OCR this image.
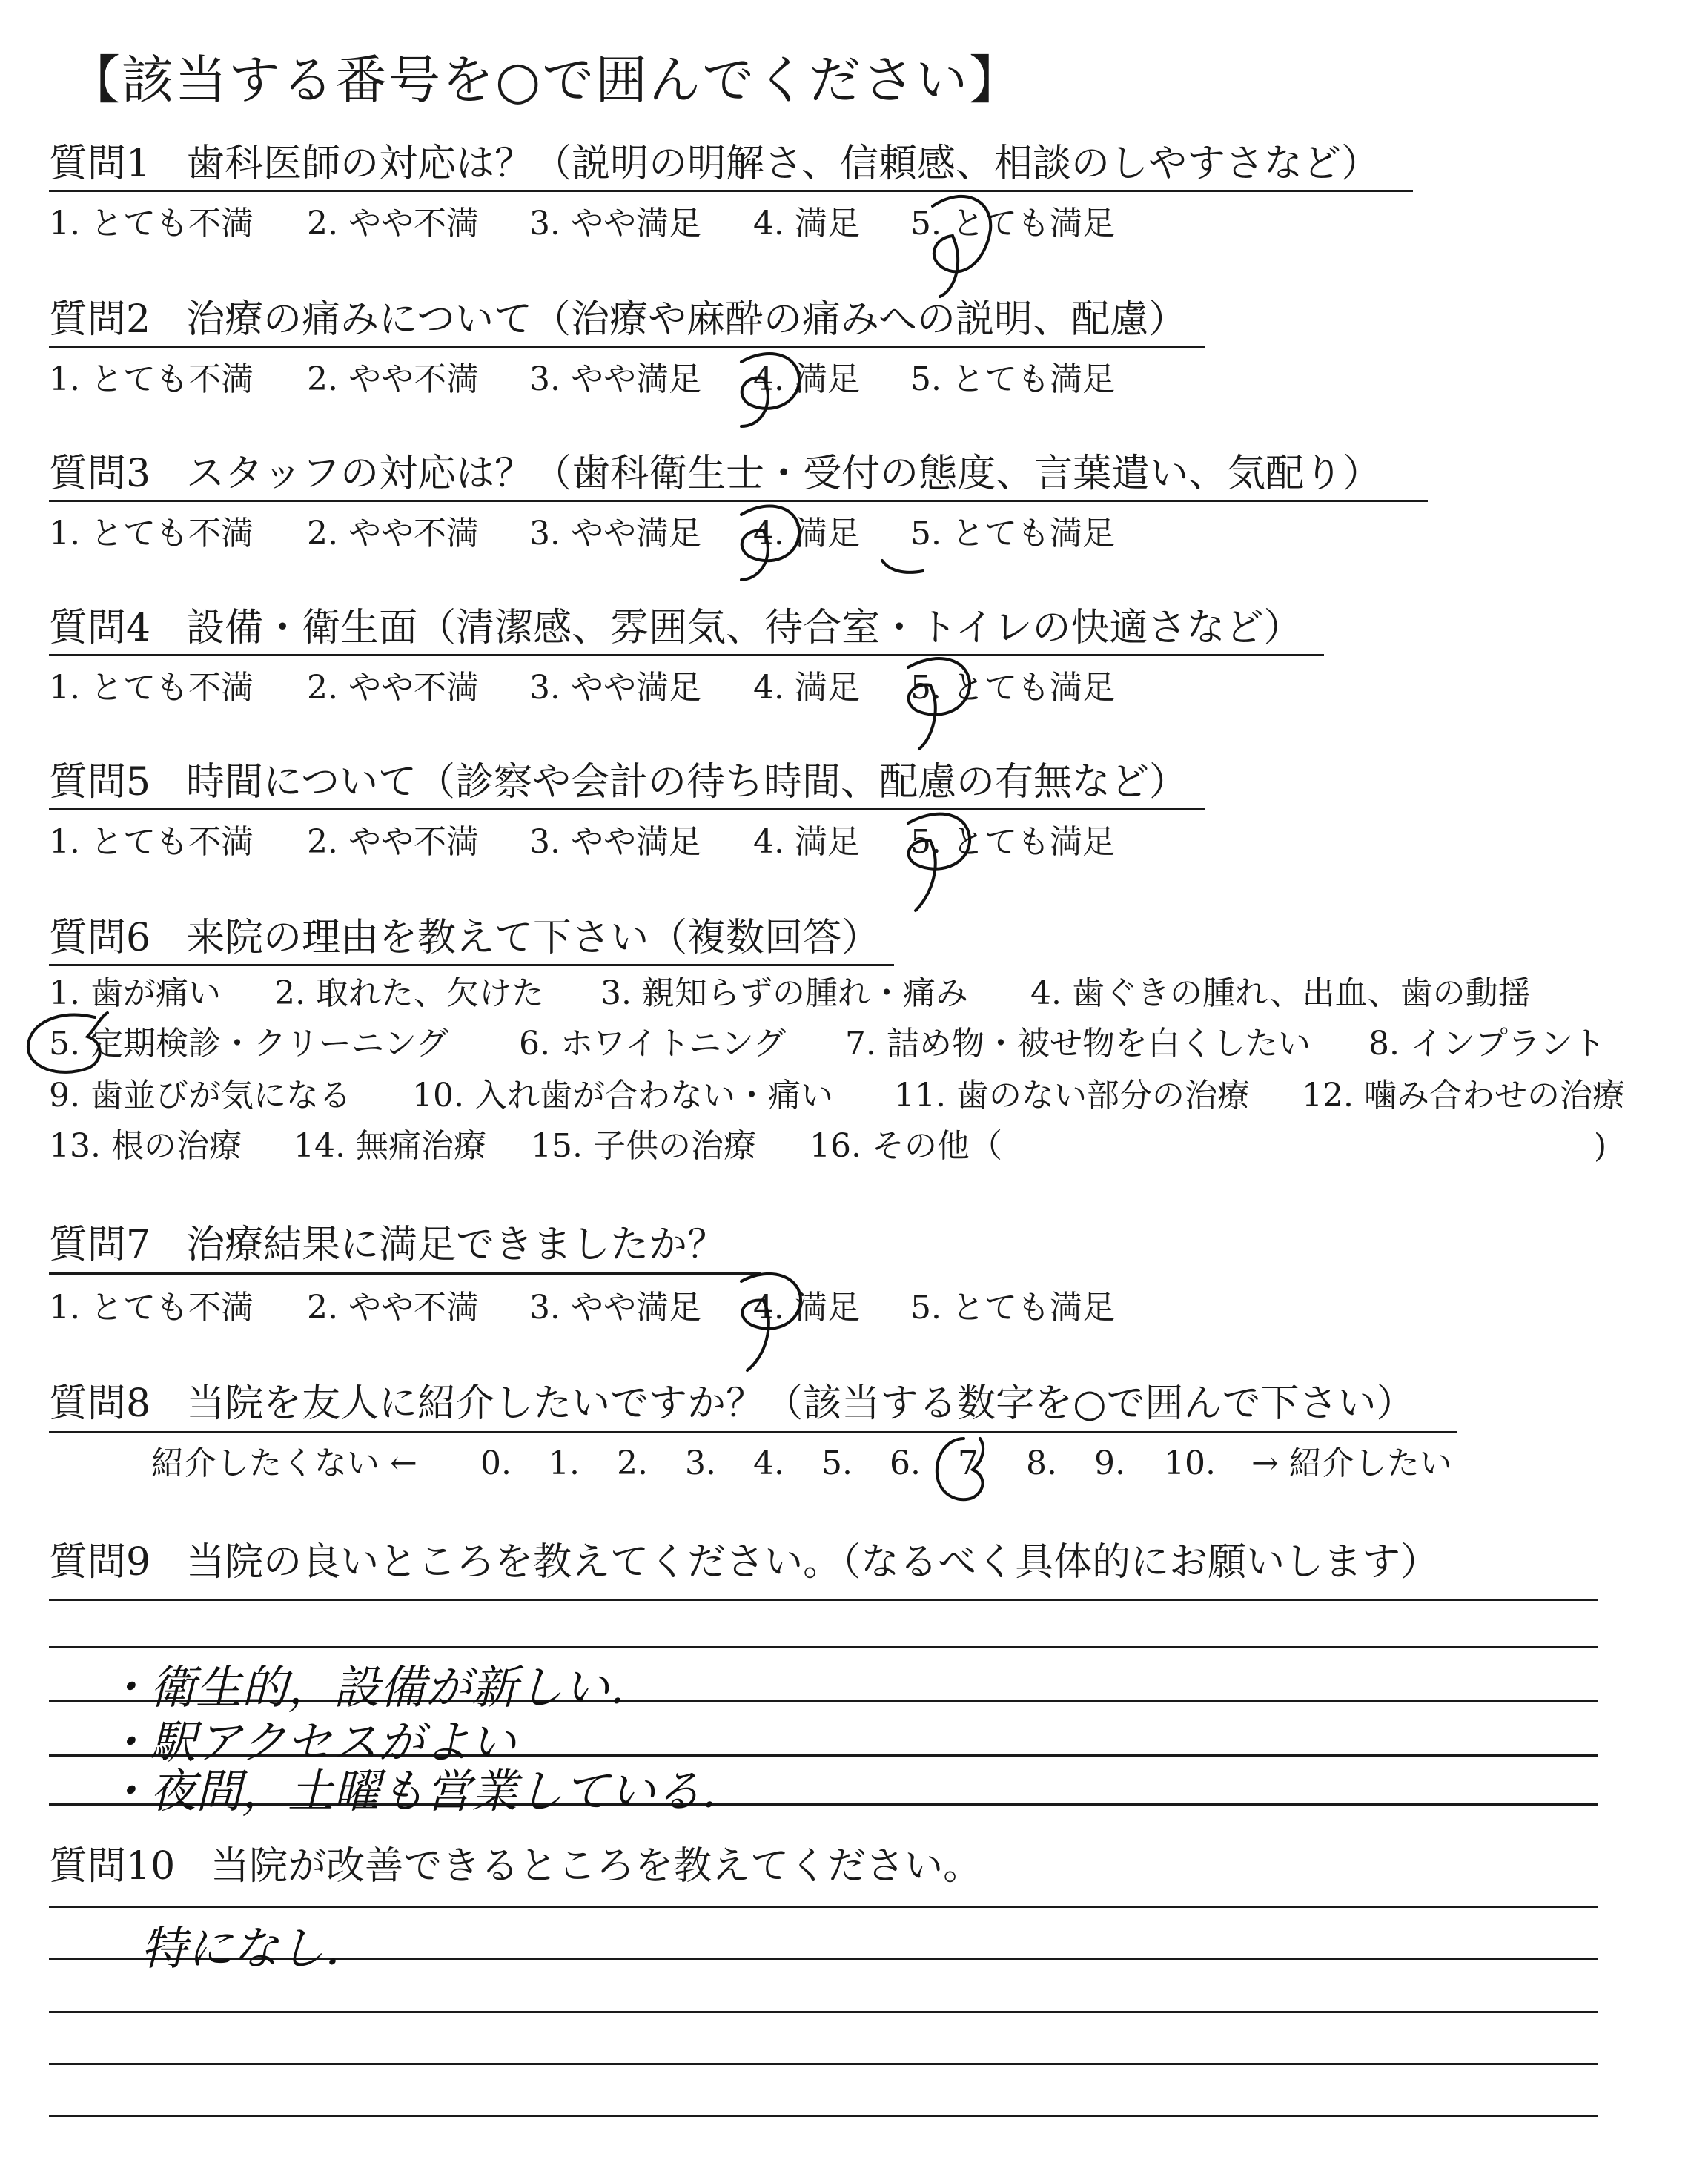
【該当する番号を○で囲んでください】
質問1 歯科医師の対応は？（説明の明解さ、信頼感、相談のしやすさなど）
1. とても不満 2. やや不満 3. やや満足 4. 満足 5. とても満足
質問2 治療の痛みについて（治療や麻酔の痛みへの説明、配慮）
1. とても不満 2. やや不満 3. やや満足 4. 満足 5. とても満足
質問3 スタッフの対応は？（歯科衛生士・受付の態度、言葉遣い、気配り）
1. とても不満 2. やや不満 3. やや満足 4. 満足 5. とても満足
質問4 設備・衛生面（清潔感、雰囲気、待合室・トイレの快適さなど）
1. とても不満 2. やや不満 3. やや満足 4. 満足 5. とても満足
質問5 時間について（診察や会計の待ち時間、配慮の有無など）
1. とても不満 2. やや不満 3. やや満足 4. 満足 5. とても満足
質問6 来院の理由を教えて下さい（複数回答）
1. 歯が痛い 2. 取れた、欠けた 3. 親知らずの腫れ・痛み 4. 歯ぐきの腫れ、出血、歯の動揺
5. 定期検診・クリーニング 6. ホワイトニング 7. 詰め物・被せ物を白くしたい 8. インプラント
9. 歯並びが気になる 10. 入れ歯が合わない・痛い 11. 歯のない部分の治療 12. 噛み合わせの治療
13. 根の治療 14. 無痛治療 15. 子供の治療 16. その他（	)
質問7 治療結果に満足できましたか？
1. とても不満 2. やや不満 3. やや満足 4. 満足 5. とても満足
質問8 当院を友人に紹介したいですか？（該当する数字を○で囲んで下さい）
紹介したくない ← 0. 1. 2. 3. 4. 5. 6. 7 8. 9. 10. → 紹介したい
質問9 当院の良いところを教えてください。（なるべく具体的にお願いします）
・衛生的，設備が新しい．
・駅アクセスがよい
・夜間，土曜も営業している．
質問10 当院が改善できるところを教えてください。
特になし．
